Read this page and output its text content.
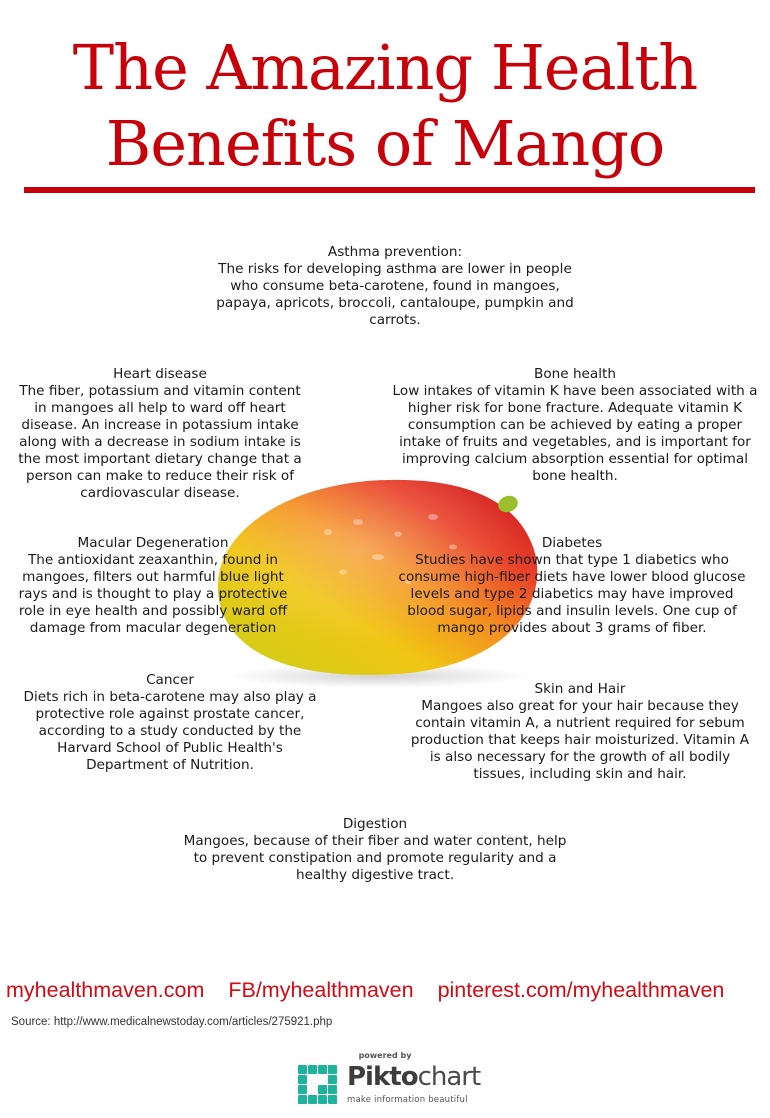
The Amazing Health
Benefits of Mango
Asthma prevention:
The risks for developing asthma are lower in people
who consume beta-carotene, found in mangoes,
papaya, apricots, broccoli, cantaloupe, pumpkin and
carrots.
Heart disease
The fiber, potassium and vitamin content
in mangoes all help to ward off heart
disease. An increase in potassium intake
along with a decrease in sodium intake is
the most important dietary change that a
person can make to reduce their risk of
cardiovascular disease.
Bone health
Low intakes of vitamin K have been associated with a
higher risk for bone fracture. Adequate vitamin K
consumption can be achieved by eating a proper
intake of fruits and vegetables, and is important for
improving calcium absorption essential for optimal
bone health.
Macular Degeneration
The antioxidant zeaxanthin, found in
mangoes, filters out harmful blue light
rays and is thought to play a protective
role in eye health and possibly ward off
damage from macular degeneration
Diabetes
Studies have shown that type 1 diabetics who
consume high-fiber diets have lower blood glucose
levels and type 2 diabetics may have improved
blood sugar, lipids and insulin levels. One cup of
mango provides about 3 grams of fiber.
Cancer
Diets rich in beta-carotene may also play a
protective role against prostate cancer,
according to a study conducted by the
Harvard School of Public Health's
Department of Nutrition.
Skin and Hair
Mangoes also great for your hair because they
contain vitamin A, a nutrient required for sebum
production that keeps hair moisturized. Vitamin A
is also necessary for the growth of all bodily
tissues, including skin and hair.
Digestion
Mangoes, because of their fiber and water content, help
to prevent constipation and promote regularity and a
healthy digestive tract.
myhealthmaven.com FB/myhealthmaven pinterest.com/myhealthmaven
Source: http://www.medicalnewstoday.com/articles/275921.php
powered by
Piktochart
make information beautiful
